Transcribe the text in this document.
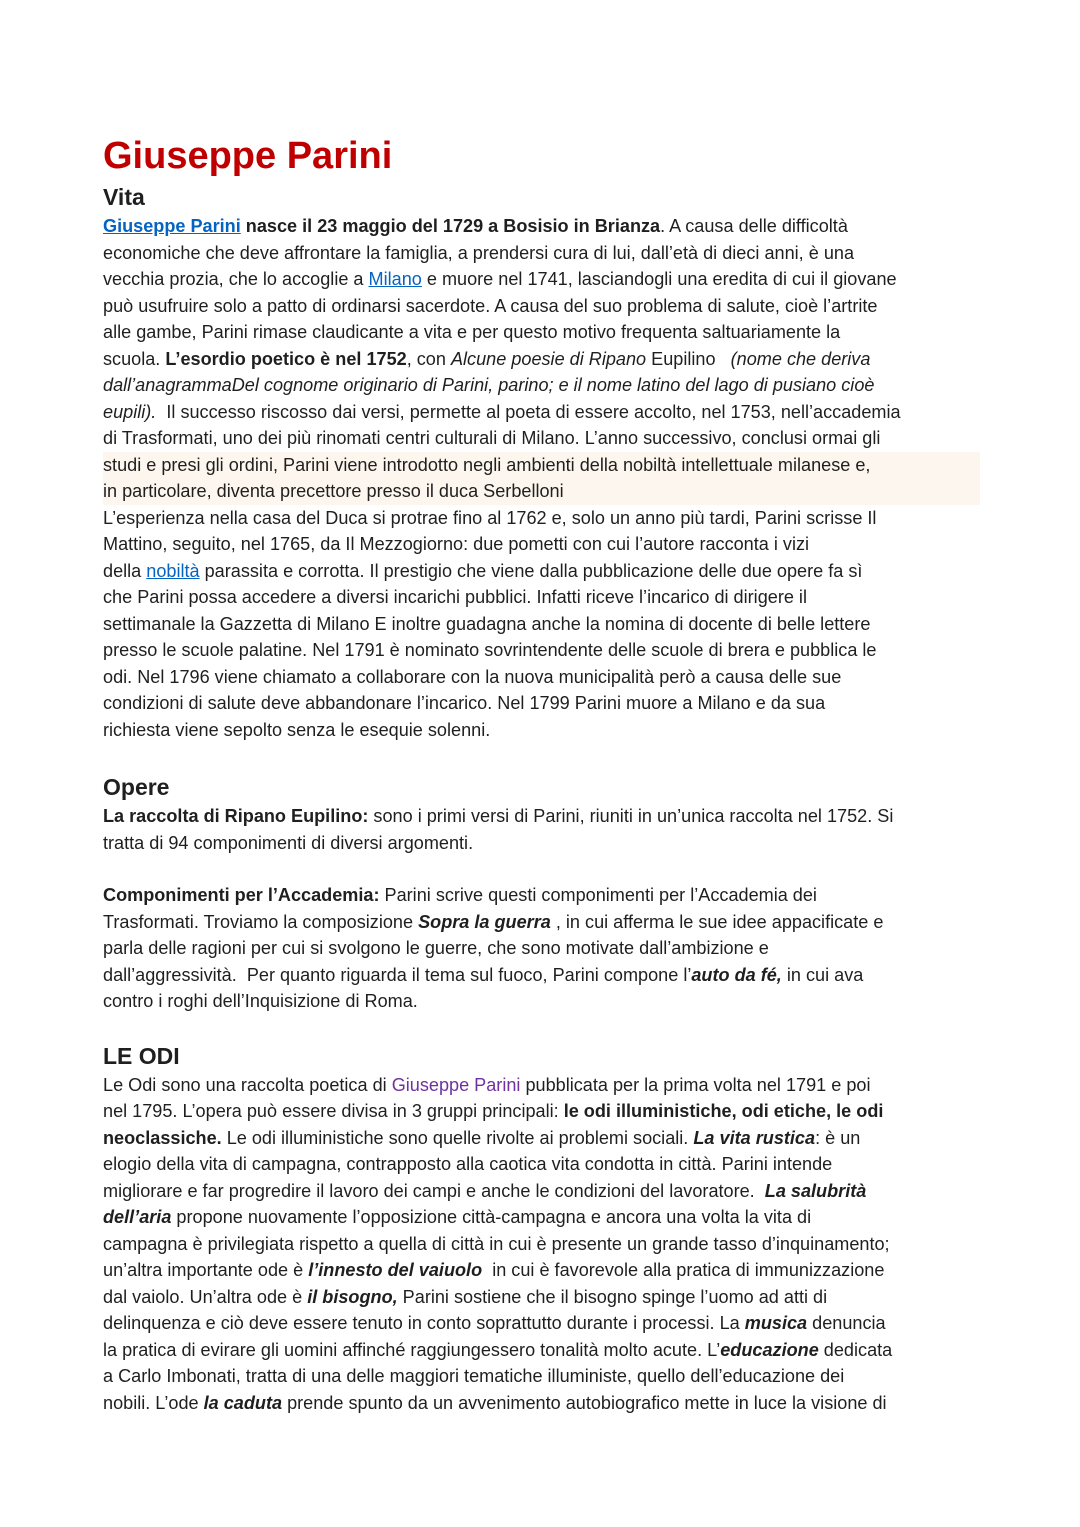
Giuseppe Parini
Vita

Giuseppe Parini nasce il 23 maggio del 1729 a Bosisio in Brianza. A causa delle difficoltà
economiche che deve affrontare la famiglia, a prendersi cura di lui, dall’età di dieci anni, è una
vecchia prozia, che lo accoglie a Milano e muore nel 1741, lasciandogli una eredita di cui il giovane
può usufruire solo a patto di ordinarsi sacerdote. A causa del suo problema di salute, cioè l’artrite
alle gambe, Parini rimase claudicante a vita e per questo motivo frequenta saltuariamente la
scuola. L’esordio poetico è nel 1752, con Alcune poesie di Ripano Eupilino   (nome che deriva
dall’anagrammaDel cognome originario di Parini, parino; e il nome latino del lago di pusiano cioè
eupili).  Il successo riscosso dai versi, permette al poeta di essere accolto, nel 1753, nell’accademia
di Trasformati, uno dei più rinomati centri culturali di Milano. L’anno successivo, conclusi ormai gli
studi e presi gli ordini, Parini viene introdotto negli ambienti della nobiltà intellettuale milanese e,
in particolare, diventa precettore presso il duca Serbelloni
L’esperienza nella casa del Duca si protrae fino al 1762 e, solo un anno più tardi, Parini scrisse Il
Mattino, seguito, nel 1765, da Il Mezzogiorno: due pometti con cui l’autore racconta i vizi
della nobiltà parassita e corrotta. Il prestigio che viene dalla pubblicazione delle due opere fa sì
che Parini possa accedere a diversi incarichi pubblici. Infatti riceve l’incarico di dirigere il
settimanale la Gazzetta di Milano E inoltre guadagna anche la nomina di docente di belle lettere
presso le scuole palatine. Nel 1791 è nominato sovrintendente delle scuole di brera e pubblica le
odi. Nel 1796 viene chiamato a collaborare con la nuova municipalità però a causa delle sue
condizioni di salute deve abbandonare l’incarico. Nel 1799 Parini muore a Milano e da sua
richiesta viene sepolto senza le esequie solenni.

Opere

La raccolta di Ripano Eupilino: sono i primi versi di Parini, riuniti in un’unica raccolta nel 1752. Si
tratta di 94 componimenti di diversi argomenti.

Componimenti per l’Accademia: Parini scrive questi componimenti per l’Accademia dei
Trasformati. Troviamo la composizione Sopra la guerra , in cui afferma le sue idee appacificate e
parla delle ragioni per cui si svolgono le guerre, che sono motivate dall’ambizione e
dall’aggressività.  Per quanto riguarda il tema sul fuoco, Parini compone l’auto da fé, in cui ava
contro i roghi dell’Inquisizione di Roma.

LE ODI

Le Odi sono una raccolta poetica di Giuseppe Parini pubblicata per la prima volta nel 1791 e poi
nel 1795. L’opera può essere divisa in 3 gruppi principali: le odi illuministiche, odi etiche, le odi
neoclassiche. Le odi illuministiche sono quelle rivolte ai problemi sociali. La vita rustica: è un
elogio della vita di campagna, contrapposto alla caotica vita condotta in città. Parini intende
migliorare e far progredire il lavoro dei campi e anche le condizioni del lavoratore.  La salubrità
dell’aria propone nuovamente l’opposizione città-campagna e ancora una volta la vita di
campagna è privilegiata rispetto a quella di città in cui è presente un grande tasso d’inquinamento;
un’altra importante ode è l’innesto del vaiuolo  in cui è favorevole alla pratica di immunizzazione
dal vaiolo. Un’altra ode è il bisogno, Parini sostiene che il bisogno spinge l’uomo ad atti di
delinquenza e ciò deve essere tenuto in conto soprattutto durante i processi. La musica denuncia
la pratica di evirare gli uomini affinché raggiungessero tonalità molto acute. L’educazione dedicata
a Carlo Imbonati, tratta di una delle maggiori tematiche illuministe, quello dell’educazione dei
nobili. L’ode la caduta prende spunto da un avvenimento autobiografico mette in luce la visione di
